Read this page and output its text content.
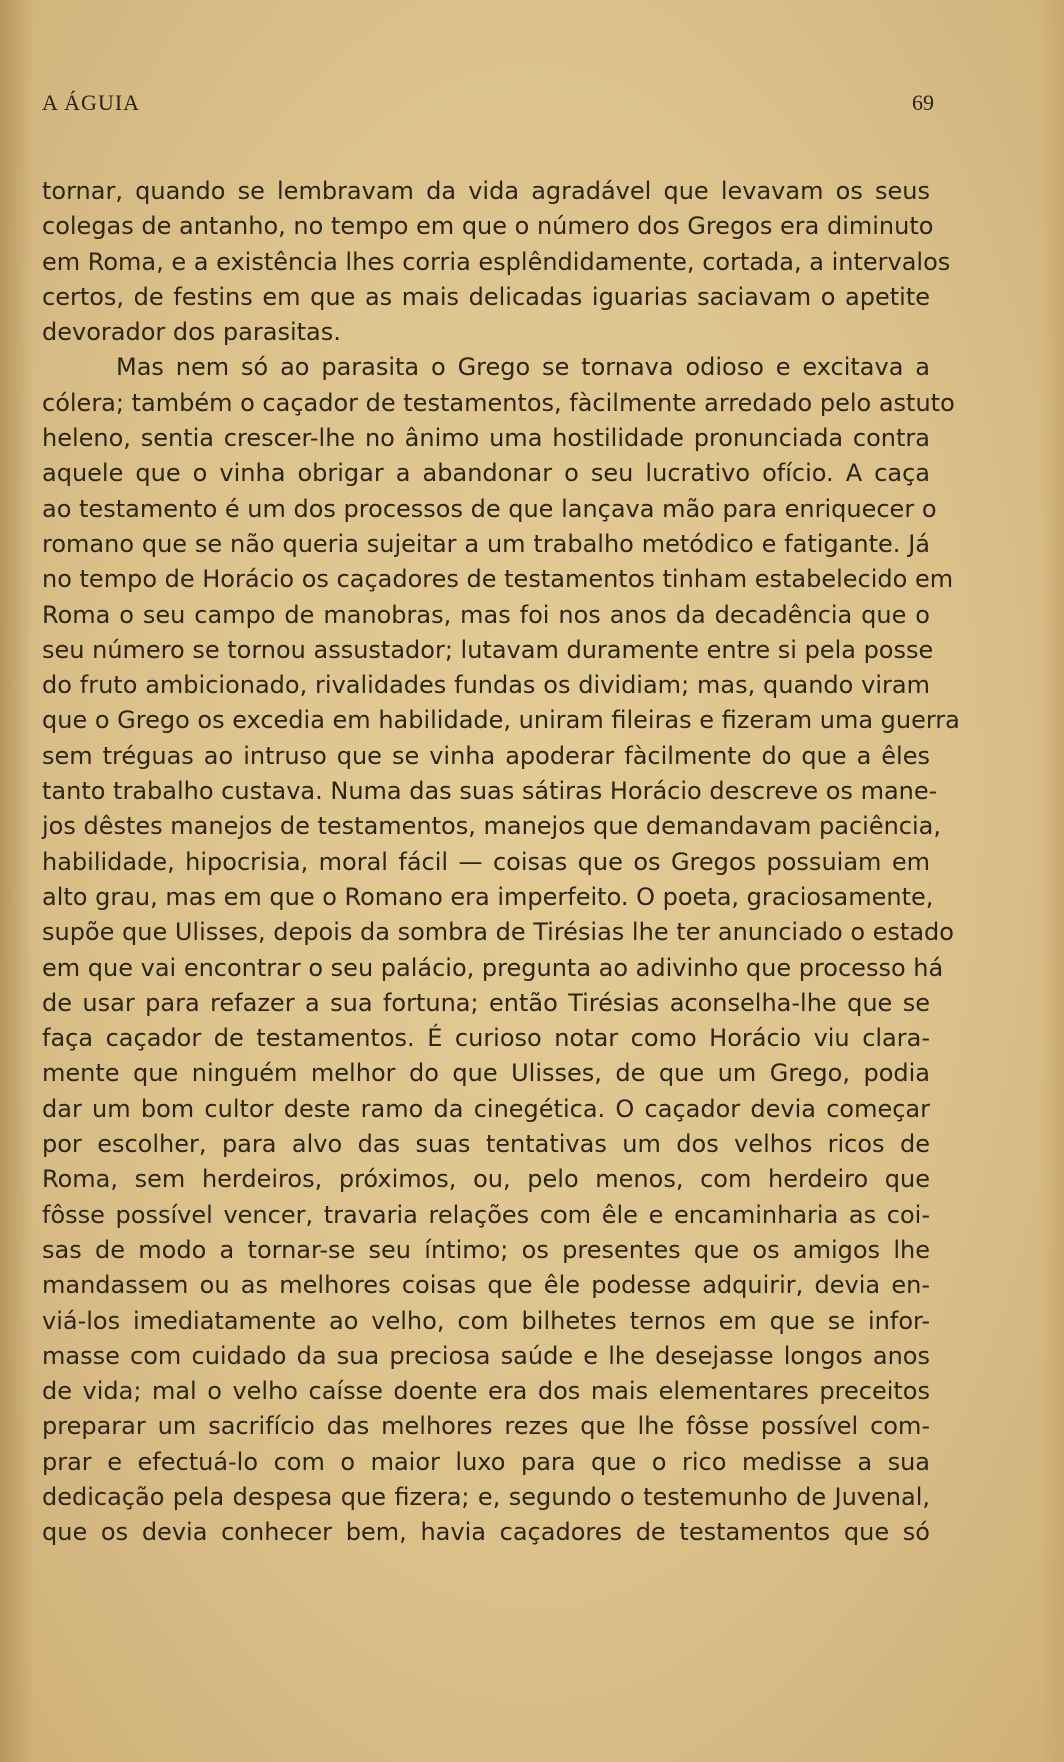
A ÁGUIA	69
tornar, quando se lembravam da vida agradável que levavam os seus
colegas de antanho, no tempo em que o número dos Gregos era diminuto
em Roma, e a existência lhes corria esplêndidamente, cortada, a intervalos
certos, de festins em que as mais delicadas iguarias saciavam o apetite
devorador dos parasitas.
Mas nem só ao parasita o Grego se tornava odioso e excitava a
cólera; também o caçador de testamentos, fàcilmente arredado pelo astuto
heleno, sentia crescer-lhe no ânimo uma hostilidade pronunciada contra
aquele que o vinha obrigar a abandonar o seu lucrativo ofício. A caça
ao testamento é um dos processos de que lançava mão para enriquecer o
romano que se não queria sujeitar a um trabalho metódico e fatigante. Já
no tempo de Horácio os caçadores de testamentos tinham estabelecido em
Roma o seu campo de manobras, mas foi nos anos da decadência que o
seu número se tornou assustador; lutavam duramente entre si pela posse
do fruto ambicionado, rivalidades fundas os dividiam; mas, quando viram
que o Grego os excedia em habilidade, uniram fileiras e fizeram uma guerra
sem tréguas ao intruso que se vinha apoderar fàcilmente do que a êles
tanto trabalho custava. Numa das suas sátiras Horácio descreve os mane-
jos dêstes manejos de testamentos, manejos que demandavam paciência,
habilidade, hipocrisia, moral fácil — coisas que os Gregos possuiam em
alto grau, mas em que o Romano era imperfeito. O poeta, graciosamente,
supõe que Ulisses, depois da sombra de Tirésias lhe ter anunciado o estado
em que vai encontrar o seu palácio, pregunta ao adivinho que processo há
de usar para refazer a sua fortuna; então Tirésias aconselha-lhe que se
faça caçador de testamentos. É curioso notar como Horácio viu clara-
mente que ninguém melhor do que Ulisses, de que um Grego, podia
dar um bom cultor deste ramo da cinegética. O caçador devia começar
por escolher, para alvo das suas tentativas um dos velhos ricos de
Roma, sem herdeiros, próximos, ou, pelo menos, com herdeiro que
fôsse possível vencer, travaria relações com êle e encaminharia as coi-
sas de modo a tornar-se seu íntimo; os presentes que os amigos lhe
mandassem ou as melhores coisas que êle podesse adquirir, devia en-
viá-los imediatamente ao velho, com bilhetes ternos em que se infor-
masse com cuidado da sua preciosa saúde e lhe desejasse longos anos
de vida; mal o velho caísse doente era dos mais elementares preceitos
preparar um sacrifício das melhores rezes que lhe fôsse possível com-
prar e efectuá-lo com o maior luxo para que o rico medisse a sua
dedicação pela despesa que fizera; e, segundo o testemunho de Juvenal,
que os devia conhecer bem, havia caçadores de testamentos que só
